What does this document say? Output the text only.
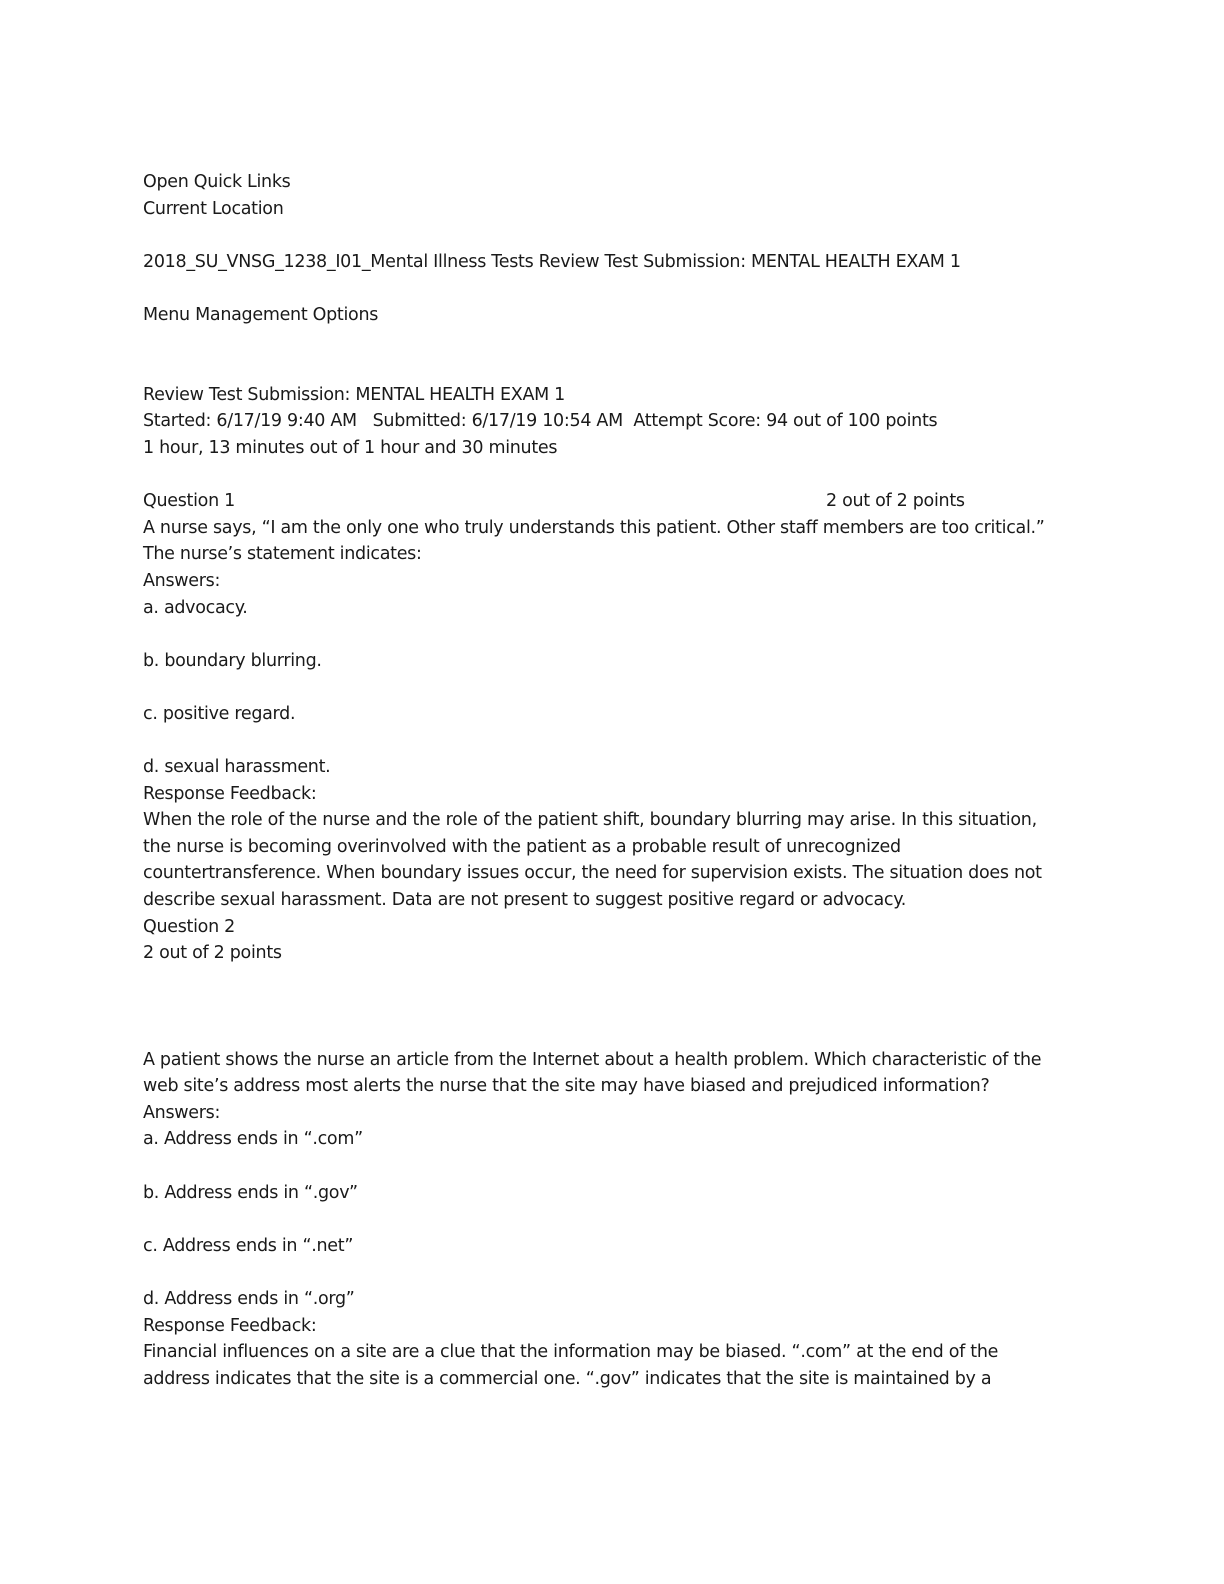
Open Quick Links
Current Location
2018_SU_VNSG_1238_I01_Mental Illness Tests Review Test Submission: MENTAL HEALTH EXAM 1
Menu Management Options
Review Test Submission: MENTAL HEALTH EXAM 1
Started: 6/17/19 9:40 AM   Submitted: 6/17/19 10:54 AM  Attempt Score: 94 out of 100 points
1 hour, 13 minutes out of 1 hour and 30 minutes
Question 1	2 out of 2 points
A nurse says, “I am the only one who truly understands this patient. Other staff members are too critical.” The nurse’s statement indicates:
Answers:
a. advocacy.
b. boundary blurring.
c. positive regard.
d. sexual harassment.
Response Feedback:
When the role of the nurse and the role of the patient shift, boundary blurring may arise. In this situation, the nurse is becoming overinvolved with the patient as a probable result of unrecognized countertransference. When boundary issues occur, the need for supervision exists. The situation does not describe sexual harassment. Data are not present to suggest positive regard or advocacy.
Question 2
2 out of 2 points
A patient shows the nurse an article from the Internet about a health problem. Which characteristic of the web site’s address most alerts the nurse that the site may have biased and prejudiced information?
Answers:
a. Address ends in “.com”
b. Address ends in “.gov”
c. Address ends in “.net”
d. Address ends in “.org”
Response Feedback:
Financial influences on a site are a clue that the information may be biased. “.com” at the end of the address indicates that the site is a commercial one. “.gov” indicates that the site is maintained by a
